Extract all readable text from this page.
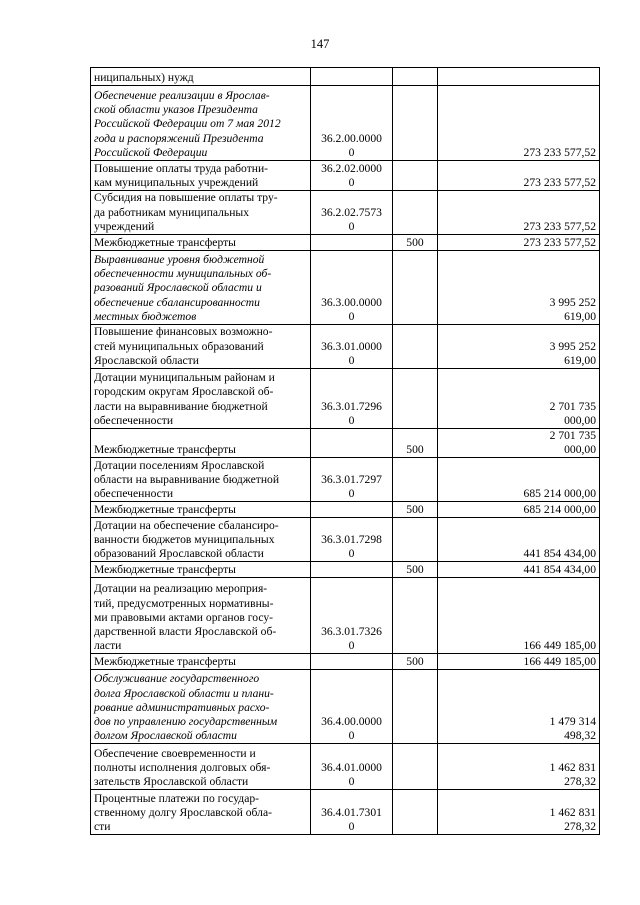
147
ниципальных) нужд			

Обеспечение реализации в Ярослав-
ской области указов Президента
Российской Федерации от 7 мая 2012
года и распоряжений Президента
Российской Федерации	36.2.00.0000
0		273 233 577,52

Повышение оплаты труда работни-
кам муниципальных учреждений	36.2.02.0000
0		273 233 577,52

Субсидия на повышение оплаты тру-
да работникам муниципальных
учреждений	36.2.02.7573
0		273 233 577,52

Межбюджетные трансферты		500	273 233 577,52

Выравнивание уровня бюджетной
обеспеченности муниципальных об-
разований Ярославской области и
обеспечение сбалансированности
местных бюджетов	36.3.00.0000
0		3 995 252
619,00

Повышение финансовых возможно-
стей муниципальных образований
Ярославской области	36.3.01.0000
0		3 995 252
619,00

Дотации муниципальным районам и
городским округам Ярославской об-
ласти на выравнивание бюджетной
обеспеченности	36.3.01.7296
0		2 701 735
000,00

Межбюджетные трансферты		500	2 701 735
000,00

Дотации поселениям Ярославской
области на выравнивание бюджетной
обеспеченности	36.3.01.7297
0		685 214 000,00

Межбюджетные трансферты		500	685 214 000,00

Дотации на обеспечение сбалансиро-
ванности бюджетов муниципальных
образований Ярославской области	36.3.01.7298
0		441 854 434,00

Межбюджетные трансферты		500	441 854 434,00

Дотации на реализацию мероприя-
тий, предусмотренных нормативны-
ми правовыми актами органов госу-
дарственной власти Ярославской об-
ласти	36.3.01.7326
0		166 449 185,00

Межбюджетные трансферты		500	166 449 185,00

Обслуживание государственного
долга Ярославской области и плани-
рование административных расхо-
дов по управлению государственным
долгом Ярославской области	36.4.00.0000
0		1 479 314
498,32

Обеспечение своевременности и
полноты исполнения долговых обя-
зательств Ярославской области	36.4.01.0000
0		1 462 831
278,32

Процентные платежи по государ-
ственному долгу Ярославской обла-
сти	36.4.01.7301
0		1 462 831
278,32
